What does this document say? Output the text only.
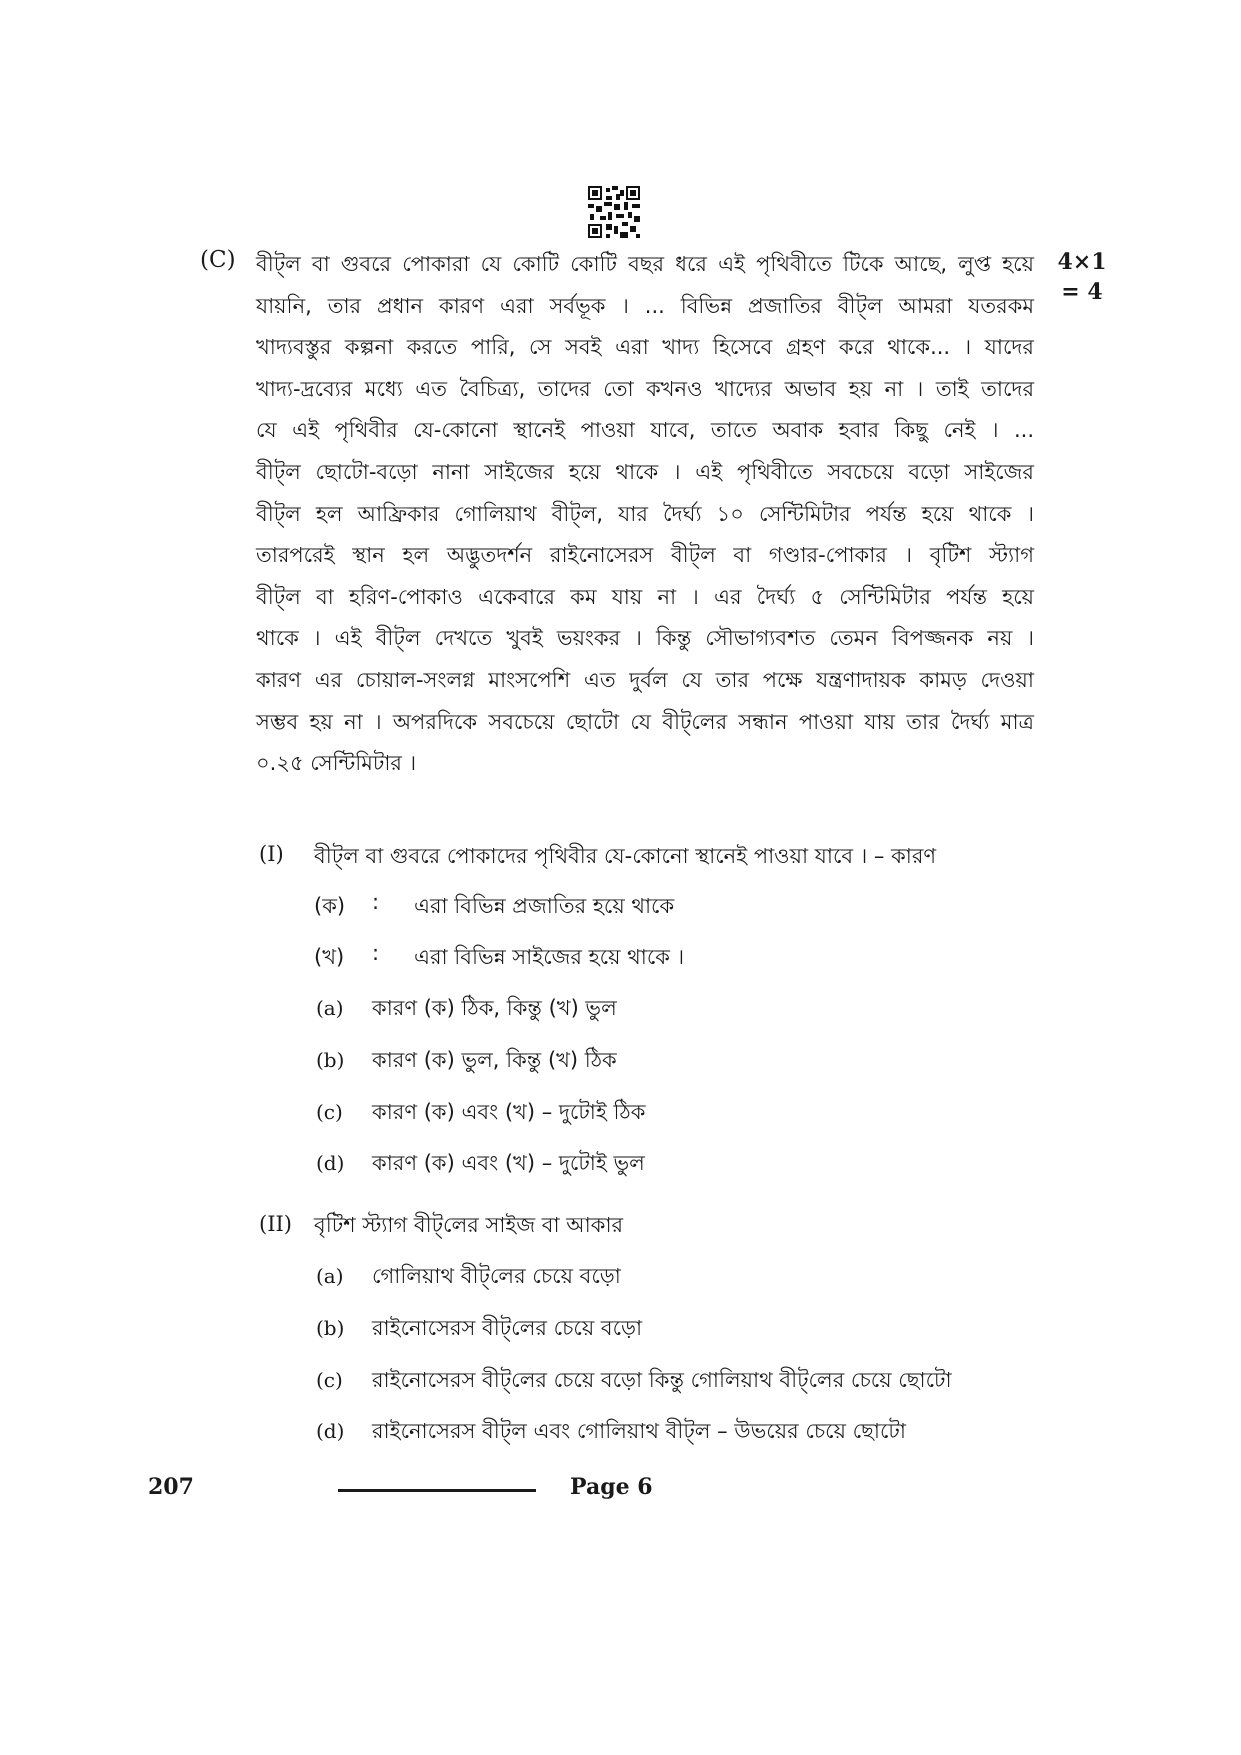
(C)	4×1
= 4
বীট্‌ল বা গুবরে পোকারা যে কোটি কোটি বছর ধরে এই পৃথিবীতে টিকে আছে, লুপ্ত হয়ে
যায়নি, তার প্রধান কারণ এরা সর্বভূক । ... বিভিন্ন প্রজাতির বীট্‌ল আমরা যতরকম
খাদ্যবস্তুর কল্পনা করতে পারি, সে সবই এরা খাদ্য হিসেবে গ্রহণ করে থাকে... । যাদের
খাদ্য-দ্রব্যের মধ্যে এত বৈচিত্র্য, তাদের তো কখনও খাদ্যের অভাব হয় না । তাই তাদের
যে এই পৃথিবীর যে-কোনো স্থানেই পাওয়া যাবে, তাতে অবাক হবার কিছু নেই । ...
বীট্‌ল ছোটো-বড়ো নানা সাইজের হয়ে থাকে । এই পৃথিবীতে সবচেয়ে বড়ো সাইজের
বীট্‌ল হল আফ্রিকার গোলিয়াথ বীট্‌ল, যার দৈর্ঘ্য ১০ সেন্টিমিটার পর্যন্ত হয়ে থাকে ।
তারপরেই স্থান হল অদ্ভুতদর্শন রাইনোসেরস বীট্‌ল বা গণ্ডার-পোকার । বৃটিশ স্ট্যাগ
বীট্‌ল বা হরিণ-পোকাও একেবারে কম যায় না । এর দৈর্ঘ্য ৫ সেন্টিমিটার পর্যন্ত হয়ে
থাকে । এই বীট্‌ল দেখতে খুবই ভয়ংকর । কিন্তু সৌভাগ্যবশত তেমন বিপজ্জনক নয় ।
কারণ এর চোয়াল-সংলগ্ন মাংসপেশি এত দুর্বল যে তার পক্ষে যন্ত্রণাদায়ক কামড় দেওয়া
সম্ভব হয় না । অপরদিকে সবচেয়ে ছোটো যে বীট্‌লের সন্ধান পাওয়া যায় তার দৈর্ঘ্য মাত্র
০.২৫ সেন্টিমিটার ।
(I) বীট্‌ল বা গুবরে পোকাদের পৃথিবীর যে-কোনো স্থানেই পাওয়া যাবে । – কারণ
(ক) : এরা বিভিন্ন প্রজাতির হয়ে থাকে
(খ) : এরা বিভিন্ন সাইজের হয়ে থাকে ।
(a) কারণ (ক) ঠিক, কিন্তু (খ) ভুল
(b) কারণ (ক) ভুল, কিন্তু (খ) ঠিক
(c) কারণ (ক) এবং (খ) – দুটোই ঠিক
(d) কারণ (ক) এবং (খ) – দুটোই ভুল
(II) বৃটিশ স্ট্যাগ বীট্‌লের সাইজ বা আকার
(a) গোলিয়াথ বীট্‌লের চেয়ে বড়ো
(b) রাইনোসেরস বীট্‌লের চেয়ে বড়ো
(c) রাইনোসেরস বীট্‌লের চেয়ে বড়ো কিন্তু গোলিয়াথ বীট্‌লের চেয়ে ছোটো
(d) রাইনোসেরস বীট্‌ল এবং গোলিয়াথ বীট্‌ল – উভয়ের চেয়ে ছোটো
207	Page 6
